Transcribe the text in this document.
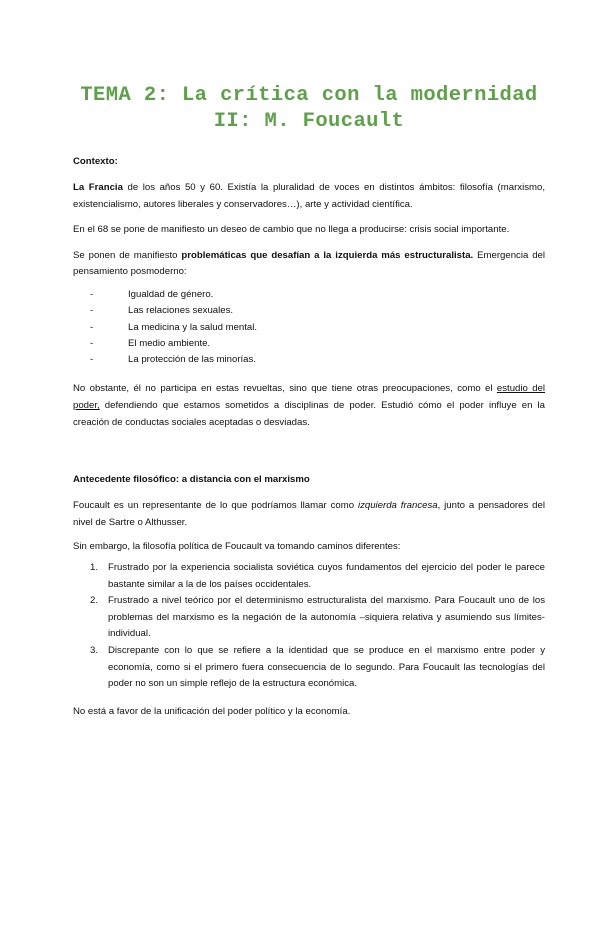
TEMA 2: La crítica con la modernidad
II: M. Foucault
Contexto:

La Francia de los años 50 y 60. Existía la pluralidad de voces en distintos ámbitos: filosofía (marxismo, existencialismo, autores liberales y conservadores…), arte y actividad científica.

En el 68 se pone de manifiesto un deseo de cambio que no llega a producirse: crisis social importante.

Se ponen de manifiesto problemáticas que desafían a la izquierda más estructuralista. Emergencia del pensamiento posmoderno:

-	Igualdad de género.
-	Las relaciones sexuales.
-	La medicina y la salud mental.
-	El medio ambiente.
-	La protección de las minorías.

No obstante, él no participa en estas revueltas, sino que tiene otras preocupaciones, como el estudio del poder, defendiendo que estamos sometidos a disciplinas de poder. Estudió cómo el poder influye en la creación de conductas sociales aceptadas o desviadas.

Antecedente filosófico: a distancia con el marxismo

Foucault es un representante de lo que podríamos llamar como izquierda francesa, junto a pensadores del nivel de Sartre o Althusser.

Sin embargo, la filosofía política de Foucault va tomando caminos diferentes:

1. Frustrado por la experiencia socialista soviética cuyos fundamentos del ejercicio del poder le parece bastante similar a la de los países occidentales.

2. Frustrado a nivel teórico por el determinismo estructuralista del marxismo. Para Foucault uno de los problemas del marxismo es la negación de la autonomía –siquiera relativa y asumiendo sus límites- individual.

3. Discrepante con lo que se refiere a la identidad que se produce en el marxismo entre poder y economía, como si el primero fuera consecuencia de lo segundo. Para Foucault las tecnologías del poder no son un simple reflejo de la estructura económica.

No está a favor de la unificación del poder político y la economía.
